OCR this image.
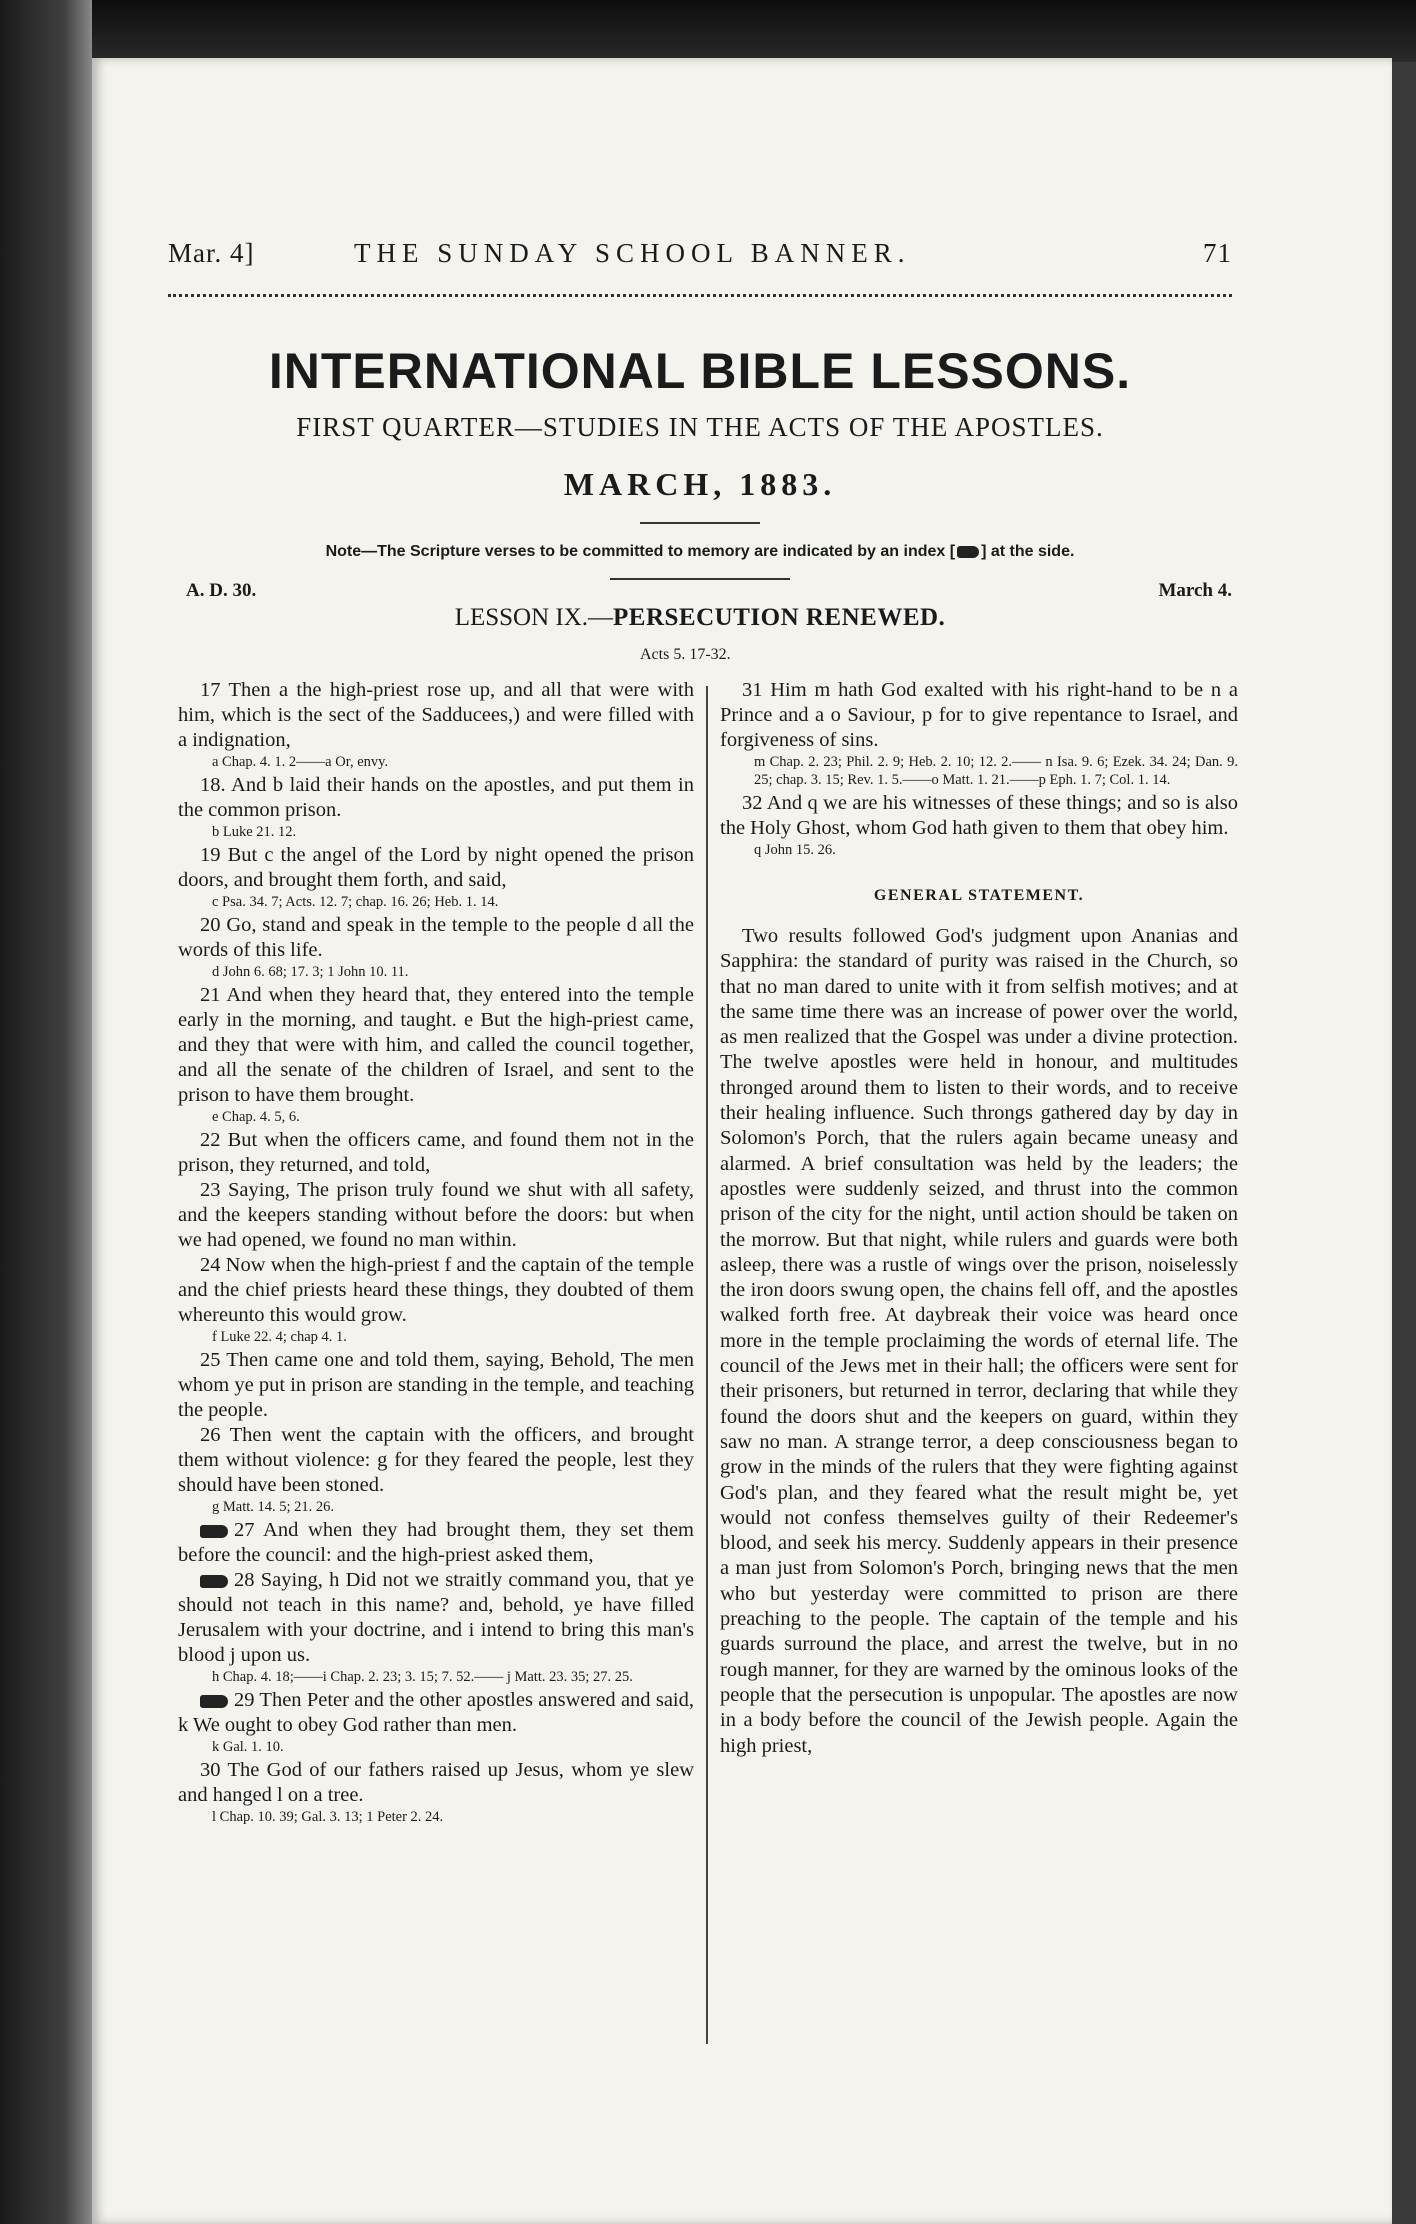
Mar. 4]	THE SUNDAY SCHOOL BANNER.	71
INTERNATIONAL BIBLE LESSONS.
FIRST QUARTER—STUDIES IN THE ACTS OF THE APOSTLES.
MARCH, 1883.
Note—The Scripture verses to be committed to memory are indicated by an index [ ] at the side.
A. D. 30.	March 4.
LESSON IX.—PERSECUTION RENEWED.
Acts 5. 17-32.

17 Then a the high-priest rose up, and all that were with him, which is the sect of the Sadducees,) and were filled with a indignation,

a Chap. 4. 1. 2——a Or, envy.

18. And b laid their hands on the apostles, and put them in the common prison.

b Luke 21. 12.

19 But c the angel of the Lord by night opened the prison doors, and brought them forth, and said,

c Psa. 34. 7; Acts. 12. 7; chap. 16. 26; Heb. 1. 14.

20 Go, stand and speak in the temple to the people d all the words of this life.

d John 6. 68; 17. 3; 1 John 10. 11.

21 And when they heard that, they entered into the temple early in the morning, and taught. e But the high-priest came, and they that were with him, and called the council together, and all the senate of the children of Israel, and sent to the prison to have them brought.

e Chap. 4. 5, 6.

22 But when the officers came, and found them not in the prison, they returned, and told,

23 Saying, The prison truly found we shut with all safety, and the keepers standing without before the doors: but when we had opened, we found no man within.

24 Now when the high-priest f and the captain of the temple and the chief priests heard these things, they doubted of them whereunto this would grow.

f Luke 22. 4; chap 4. 1.

25 Then came one and told them, saying, Behold, The men whom ye put in prison are standing in the temple, and teaching the people.

26 Then went the captain with the officers, and brought them without violence: g for they feared the people, lest they should have been stoned.

g Matt. 14. 5; 21. 26.

27 And when they had brought them, they set them before the council: and the high-priest asked them,

28 Saying, h Did not we straitly command you, that ye should not teach in this name? and, behold, ye have filled Jerusalem with your doctrine, and i intend to bring this man's blood j upon us.

h Chap. 4. 18;——i Chap. 2. 23; 3. 15; 7. 52.—— j Matt. 23. 35; 27. 25.

29 Then Peter and the other apostles answered and said, k We ought to obey God rather than men.

k Gal. 1. 10.

30 The God of our fathers raised up Jesus, whom ye slew and hanged l on a tree.

l Chap. 10. 39; Gal. 3. 13; 1 Peter 2. 24.

31 Him m hath God exalted with his right-hand to be n a Prince and a o Saviour, p for to give repentance to Israel, and forgiveness of sins.

m Chap. 2. 23; Phil. 2. 9; Heb. 2. 10; 12. 2.—— n Isa. 9. 6; Ezek. 34. 24; Dan. 9. 25; chap. 3. 15; Rev. 1. 5.——o Matt. 1. 21.——p Eph. 1. 7; Col. 1. 14.

32 And q we are his witnesses of these things; and so is also the Holy Ghost, whom God hath given to them that obey him.

q John 15. 26.

GENERAL STATEMENT.

Two results followed God's judgment upon Ananias and Sapphira: the standard of purity was raised in the Church, so that no man dared to unite with it from selfish motives; and at the same time there was an increase of power over the world, as men realized that the Gospel was under a divine protection. The twelve apostles were held in honour, and multitudes thronged around them to listen to their words, and to receive their healing influence. Such throngs gathered day by day in Solomon's Porch, that the rulers again became uneasy and alarmed. A brief consultation was held by the leaders; the apostles were suddenly seized, and thrust into the common prison of the city for the night, until action should be taken on the morrow. But that night, while rulers and guards were both asleep, there was a rustle of wings over the prison, noiselessly the iron doors swung open, the chains fell off, and the apostles walked forth free. At daybreak their voice was heard once more in the temple proclaiming the words of eternal life. The council of the Jews met in their hall; the officers were sent for their prisoners, but returned in terror, declaring that while they found the doors shut and the keepers on guard, within they saw no man. A strange terror, a deep consciousness began to grow in the minds of the rulers that they were fighting against God's plan, and they feared what the result might be, yet would not confess themselves guilty of their Redeemer's blood, and seek his mercy. Suddenly appears in their presence a man just from Solomon's Porch, bringing news that the men who but yesterday were committed to prison are there preaching to the people. The captain of the temple and his guards surround the place, and arrest the twelve, but in no rough manner, for they are warned by the ominous looks of the people that the persecution is unpopular. The apostles are now in a body before the council of the Jewish people. Again the high priest,
